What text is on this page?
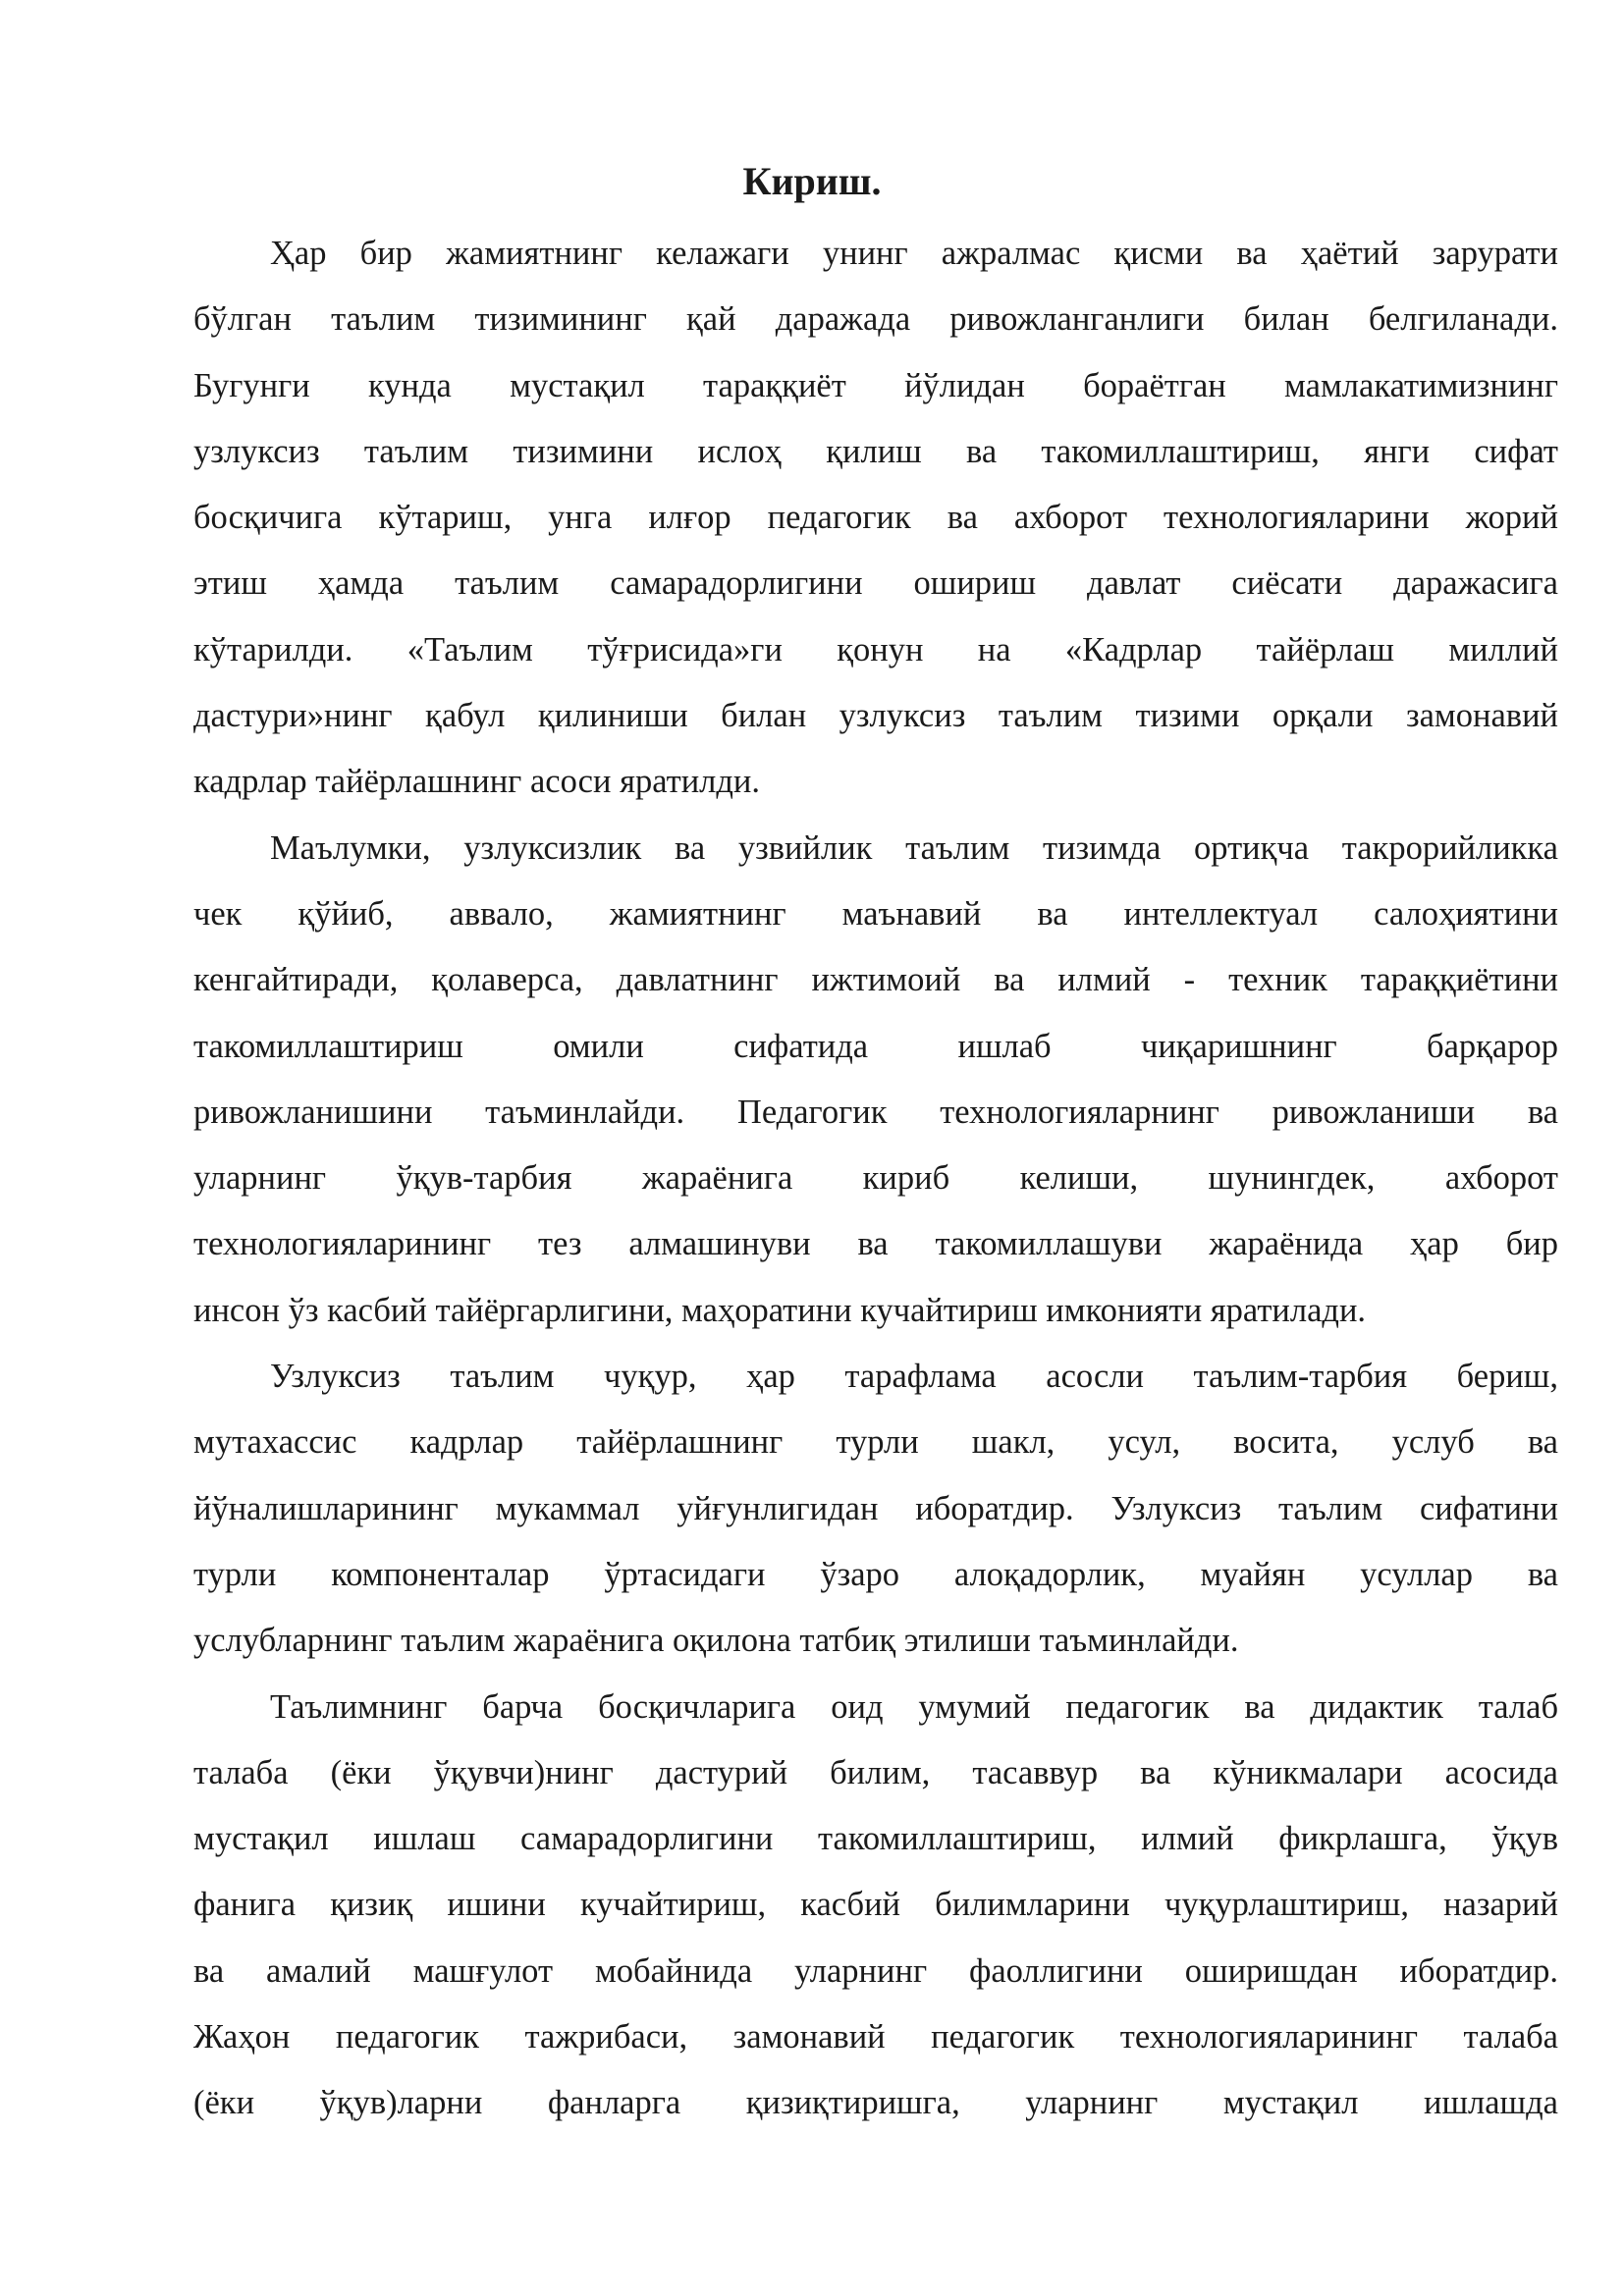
Кириш.
Ҳар бир жамиятнинг келажаги унинг ажралмас қисми ва ҳаётий зарурати
бўлган таълим тизимининг қай даражада ривожланганлиги билан белгиланади.
Бугунги кунда мустақил тараққиёт йўлидан бораётган мамлакатимизнинг
узлуксиз таълим тизимини ислоҳ қилиш ва такомиллаштириш, янги сифат
босқичига кўтариш, унга илғор педагогик ва ахборот технологияларини жорий
этиш ҳамда таълим самарадорлигини ошириш давлат сиёсати даражасига
кўтарилди. «Таълим тўғрисида»ги қонун на «Кадрлар тайёрлаш миллий
дастури»нинг қабул қилиниши билан узлуксиз таълим тизими орқали замонавий
кадрлар тайёрлашнинг асоси яратилди.
Маълумки, узлуксизлик ва узвийлик таълим тизимда ортиқча такрорийликка
чек қўйиб, аввало, жамиятнинг маънавий ва интеллектуал салоҳиятини
кенгайтиради, қолаверса, давлатнинг ижтимоий ва илмий - техник тараққиётини
такомиллаштириш омили сифатида ишлаб чиқаришнинг барқарор
ривожланишини таъминлайди. Педагогик технологияларнинг ривожланиши ва
уларнинг ўқув-тарбия жараёнига кириб келиши, шунингдек, ахборот
технологияларининг тез алмашинуви ва такомиллашуви жараёнида ҳар бир
инсон ўз касбий тайёргарлигини, маҳоратини кучайтириш имконияти яратилади.
Узлуксиз таълим чуқур, ҳар тарафлама асосли таълим-тарбия бериш,
мутахассис кадрлар тайёрлашнинг турли шакл, усул, восита, услуб ва
йўналишларининг мукаммал уйғунлигидан иборатдир. Узлуксиз таълим сифатини
турли компоненталар ўртасидаги ўзаро алоқадорлик, муайян усуллар ва
услубларнинг таълим жараёнига оқилона татбиқ этилиши таъминлайди.
Таълимнинг барча босқичларига оид умумий педагогик ва дидактик талаб
талаба (ёки ўқувчи)нинг дастурий билим, тасаввур ва кўникмалари асосида
мустақил ишлаш самарадорлигини такомиллаштириш, илмий фикрлашга, ўқув
фанига қизиқ ишини кучайтириш, касбий билимларини чуқурлаштириш, назарий
ва амалий машғулот мобайнида уларнинг фаоллигини оширишдан иборатдир.
Жаҳон педагогик тажрибаси, замонавий педагогик технологияларининг талаба
(ёки ўқув)ларни фанларга қизиқтиришга, уларнинг мустақил ишлашда
